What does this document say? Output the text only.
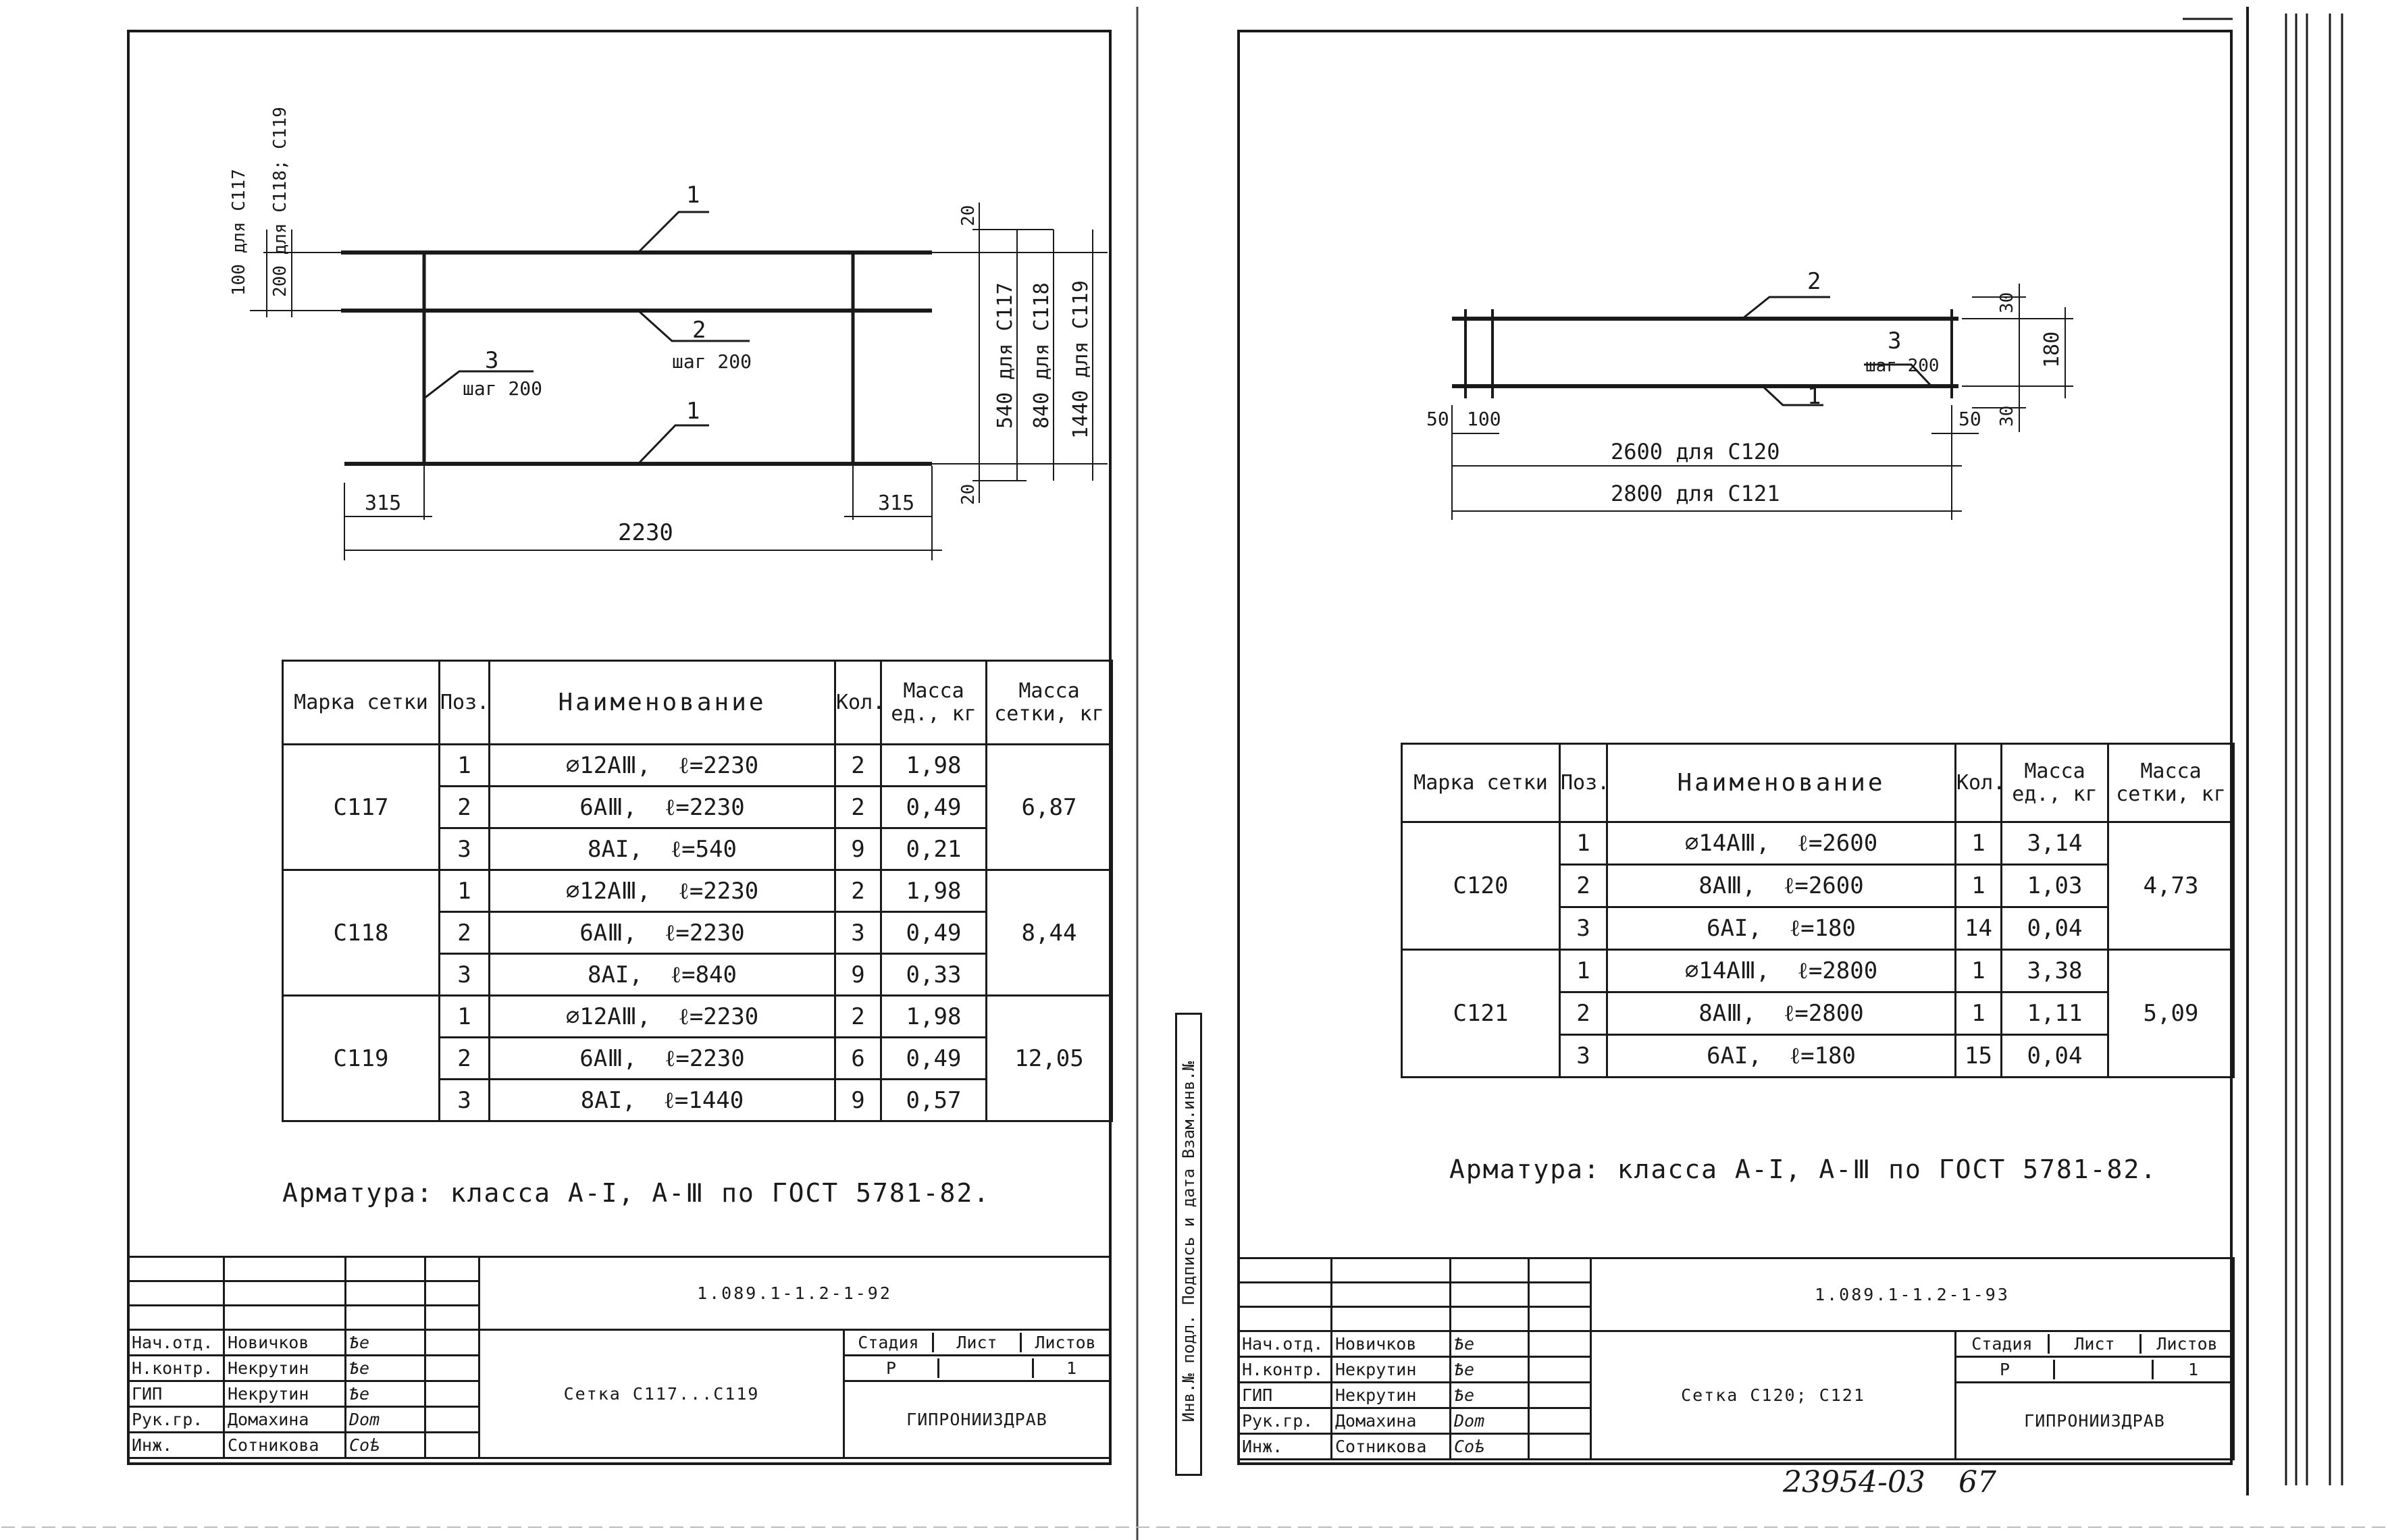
1
2
шаг 200
3
шаг 200
1
315	315
2230
20
20
540 для С117 840 для С118 1440 для С119
100 для С117 200 для С118; С119
Марка сетки	Поз.	Наименование	Кол.	Масса ед., кг	Масса сетки, кг
С117	1	⌀12АⅢ, ℓ=2230	2	1,98	6,87
	2	6АⅢ, ℓ=2230	2	0,49	
	3	8АI, ℓ=540	9	0,21	
С118	1	⌀12АⅢ, ℓ=2230	2	1,98	8,44
	2	6АⅢ, ℓ=2230	3	0,49	
	3	8АI, ℓ=840	9	0,33	
С119	1	⌀12АⅢ, ℓ=2230	2	1,98	12,05
	2	6АⅢ, ℓ=2230	6	0,49	
	3	8АI, ℓ=1440	9	0,57	
Арматура: класса А-I, А-Ⅲ по ГОСТ 5781-82.
				1.089.1-1.2-1-92

Нач.отд.	Новичков	Ѣе		Сетка С117...С119	
Стадия	Лист	Листов

Н.контр.	Некрутин	Ѣе			Р		1

ГИП	Некрутин	Ѣе		ГИПРОНИИЗДРАВ
Рук.гр.	Домахина	Dom	
Инж.	Сотникова	Соѣ	
2
3
шаг 200
1
30
30
180
50 100	50
2600 для С120
2800 для С121
Марка сетки	Поз.	Наименование	Кол.	Масса ед., кг	Масса сетки, кг
С120	1	⌀14АⅢ, ℓ=2600	1	3,14	4,73
	2	8АⅢ, ℓ=2600	1	1,03	
	3	6АI, ℓ=180	14	0,04	
С121	1	⌀14АⅢ, ℓ=2800	1	3,38	5,09
	2	8АⅢ, ℓ=2800	1	1,11	
	3	6АI, ℓ=180	15	0,04	
Арматура: класса А-I, А-Ⅲ по ГОСТ 5781-82.
Инв.№ подл. Подпись и дата Взам.инв.№
					1.089.1-1.2-1-93

Нач.отд.	Новичков	Ѣе		Сетка С120; С121	
Стадия	Лист	Листов

Н.контр.	Некрутин	Ѣе			Р		1

ГИП	Некрутин	Ѣе		ГИПРОНИИЗДРАВ
Рук.гр.	Домахина	Dom	
Инж.	Сотникова	Соѣ	
23954-03 67
